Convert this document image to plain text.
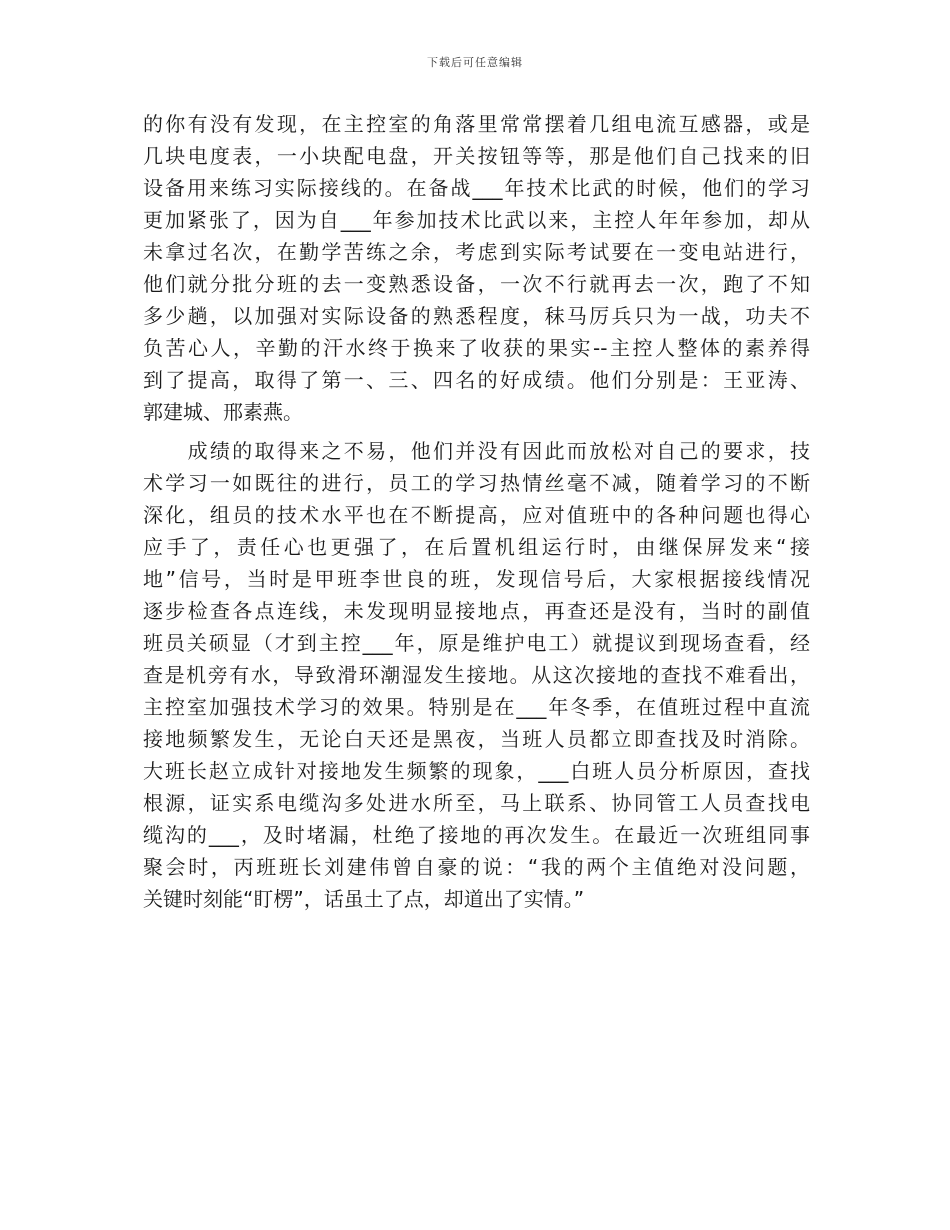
下载后可任意编辑
的你有没有发现，在主控室的角落里常常摆着几组电流互感器，或是
几块电度表，一小块配电盘，开关按钮等等，那是他们自己找来的旧
设备用来练习实际接线的。在备战___年技术比武的时候，他们的学习
更加紧张了，因为自___年参加技术比武以来，主控人年年参加，却从
未拿过名次，在勤学苦练之余，考虑到实际考试要在一变电站进行，
他们就分批分班的去一变熟悉设备，一次不行就再去一次，跑了不知
多少趟，以加强对实际设备的熟悉程度，秣马厉兵只为一战，功夫不
负苦心人，辛勤的汗水终于换来了收获的果实--主控人整体的素养得
到了提高，取得了第一、三、四名的好成绩。他们分别是：王亚涛、
郭建城、邢素燕。
　　成绩的取得来之不易，他们并没有因此而放松对自己的要求，技
术学习一如既往的进行，员工的学习热情丝毫不减，随着学习的不断
深化，组员的技术水平也在不断提高，应对值班中的各种问题也得心
应手了，责任心也更强了，在后置机组运行时，由继保屏发来“接
地”信号，当时是甲班李世良的班，发现信号后，大家根据接线情况
逐步检查各点连线，未发现明显接地点，再查还是没有，当时的副值
班员关硕显（才到主控___年，原是维护电工）就提议到现场查看，经
查是机旁有水，导致滑环潮湿发生接地。从这次接地的查找不难看出，
主控室加强技术学习的效果。特别是在___年冬季，在值班过程中直流
接地频繁发生，无论白天还是黑夜，当班人员都立即查找及时消除。
大班长赵立成针对接地发生频繁的现象，___白班人员分析原因，查找
根源，证实系电缆沟多处进水所至，马上联系、协同管工人员查找电
缆沟的___，及时堵漏，杜绝了接地的再次发生。在最近一次班组同事
聚会时，丙班班长刘建伟曾自豪的说：“我的两个主值绝对没问题，
关键时刻能“盯楞”，话虽土了点，却道出了实情。”
